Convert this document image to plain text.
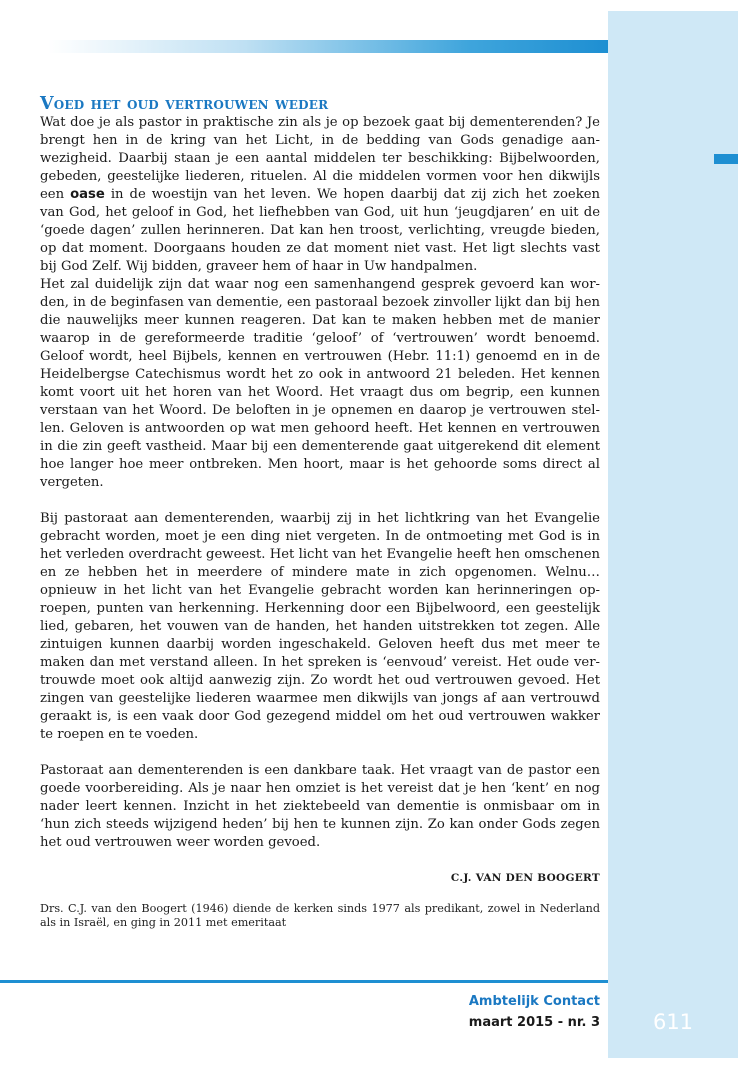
Voed het oud vertrouwen weder

Wat doe je als pastor in praktische zin als je op bezoek gaat bij dementerenden? Je brengt hen in de kring van het Licht, in de bedding van Gods genadige aanwezigheid. Daarbij staan je een aantal middelen ter beschikking: Bijbelwoorden, gebeden, geestelijke liederen, rituelen. Al die middelen vormen voor hen dikwijls een oase in de woestijn van het leven. We hopen daarbij dat zij zich het zoeken van God, het geloof in God, het liefhebben van God, uit hun ‘jeugdjaren’ en uit de ‘goede dagen’ zullen herinneren. Dat kan hen troost, verlichting, vreugde bieden, op dat moment. Doorgaans houden ze dat moment niet vast. Het ligt slechts vast bij God Zelf. Wij bidden, graveer hem of haar in Uw handpalmen.

Het zal duidelijk zijn dat waar nog een samenhangend gesprek gevoerd kan worden, in de beginfasen van dementie, een pastoraal bezoek zinvoller lijkt dan bij hen die nauwelijks meer kunnen reageren. Dat kan te maken hebben met de manier waarop in de gereformeerde traditie ‘geloof’ of ‘vertrouwen’ wordt benoemd. Geloof wordt, heel Bijbels, kennen en vertrouwen (Hebr. 11:1) genoemd en in de Heidelbergse Catechismus wordt het zo ook in antwoord 21 beleden. Het kennen komt voort uit het horen van het Woord. Het vraagt dus om begrip, een kunnen verstaan van het Woord. De beloften in je opnemen en daarop je vertrouwen stellen. Geloven is antwoorden op wat men gehoord heeft. Het kennen en vertrouwen in die zin geeft vastheid. Maar bij een dementerende gaat uitgerekend dit element hoe langer hoe meer ontbreken. Men hoort, maar is het gehoorde soms direct al vergeten.

Bij pastoraat aan dementerenden, waarbij zij in het lichtkring van het Evangelie gebracht worden, moet je een ding niet vergeten. In de ontmoeting met God is in het verleden overdracht geweest. Het licht van het Evangelie heeft hen omschenen en ze hebben het in meerdere of mindere mate in zich opgenomen. Welnu… opnieuw in het licht van het Evangelie gebracht worden kan herinneringen oproepen, punten van herkenning. Herkenning door een Bijbelwoord, een geestelijk lied, gebaren, het vouwen van de handen, het handen uitstrekken tot zegen. Alle zintuigen kunnen daarbij worden ingeschakeld. Geloven heeft dus met meer te maken dan met verstand alleen. In het spreken is ‘eenvoud’ vereist. Het oude vertrouwde moet ook altijd aanwezig zijn. Zo wordt het oud vertrouwen gevoed. Het zingen van geestelijke liederen waarmee men dikwijls van jongs af aan vertrouwd geraakt is, is een vaak door God gezegend middel om het oud vertrouwen wakker te roepen en te voeden.

Pastoraat aan dementerenden is een dankbare taak. Het vraagt van de pastor een goede voorbereiding. Als je naar hen omziet is het vereist dat je hen ‘kent’ en nog nader leert kennen. Inzicht in het ziektebeeld van dementie is onmisbaar om in ‘hun zich steeds wijzigend heden’ bij hen te kunnen zijn. Zo kan onder Gods zegen het oud vertrouwen weer worden gevoed.

C.J. VAN DEN BOOGERT
Drs. C.J. van den Boogert (1946) diende de kerken sinds 1977 als predikant, zowel in Nederland als in Israël, en ging in 2011 met emeritaat
Ambtelijk Contact
maart 2015 - nr. 3	611
